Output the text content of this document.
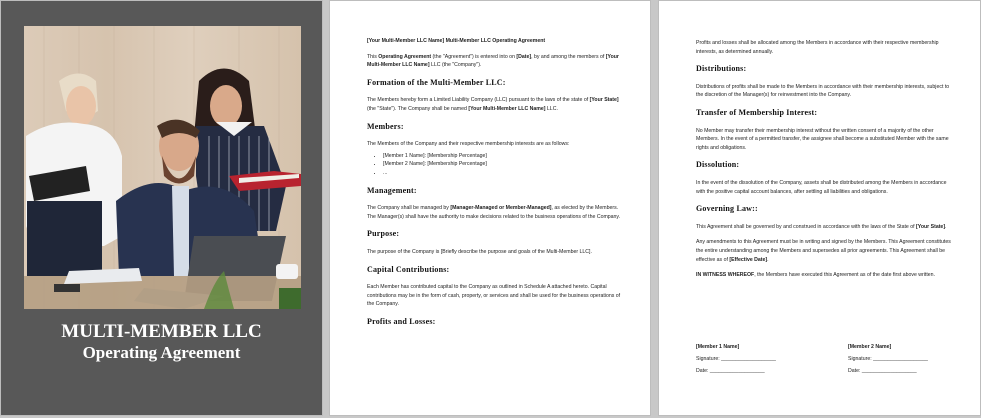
MULTI-MEMBER LLC
Operating Agreement

[Your Multi-Member LLC Name] Multi-Member LLC Operating Agreement

This Operating Agreement (the "Agreement") is entered into on [Date], by and among the members of [Your Multi-Member LLC Name] LLC (the "Company").

Formation of the Multi-Member LLC:

The Members hereby form a Limited Liability Company (LLC) pursuant to the laws of the state of [Your State] (the "State"). The Company shall be named [Your Multi-Member LLC Name] LLC.

Members:

The Members of the Company and their respective membership interests are as follows:

• [Member 1 Name]: [Membership Percentage]
• [Member 2 Name]: [Membership Percentage]
• ...
Management:

The Company shall be managed by [Manager-Managed or Member-Managed], as elected by the Members. The Manager(s) shall have the authority to make decisions related to the business operations of the Company.

Purpose:

The purpose of the Company is [Briefly describe the purpose and goals of the Multi-Member LLC].

Capital Contributions:

Each Member has contributed capital to the Company as outlined in Schedule A attached hereto. Capital contributions may be in the form of cash, property, or services and shall be used for the business operations of the Company.

Profits and Losses:

Profits and losses shall be allocated among the Members in accordance with their respective membership interests, as determined annually.

Distributions:

Distributions of profits shall be made to the Members in accordance with their membership interests, subject to the discretion of the Manager(s) for reinvestment into the Company.

Transfer of Membership Interest:

No Member may transfer their membership interest without the written consent of a majority of the other Members. In the event of a permitted transfer, the assignee shall become a substituted Member with the same rights and obligations.

Dissolution:

In the event of the dissolution of the Company, assets shall be distributed among the Members in accordance with the positive capital account balances, after settling all liabilities and obligations.

Governing Law::

This Agreement shall be governed by and construed in accordance with the laws of the State of [Your State].

Any amendments to this Agreement must be in writing and signed by the Members. This Agreement constitutes the entire understanding among the Members and supersedes all prior agreements. This Agreement shall be effective as of [Effective Date].

IN WITNESS WHEREOF, the Members have executed this Agreement as of the date first above written.

[Member 1 Name]
Signature: ___________________
Date: ___________________
[Member 2 Name]
Signature: ___________________
Date: ___________________
